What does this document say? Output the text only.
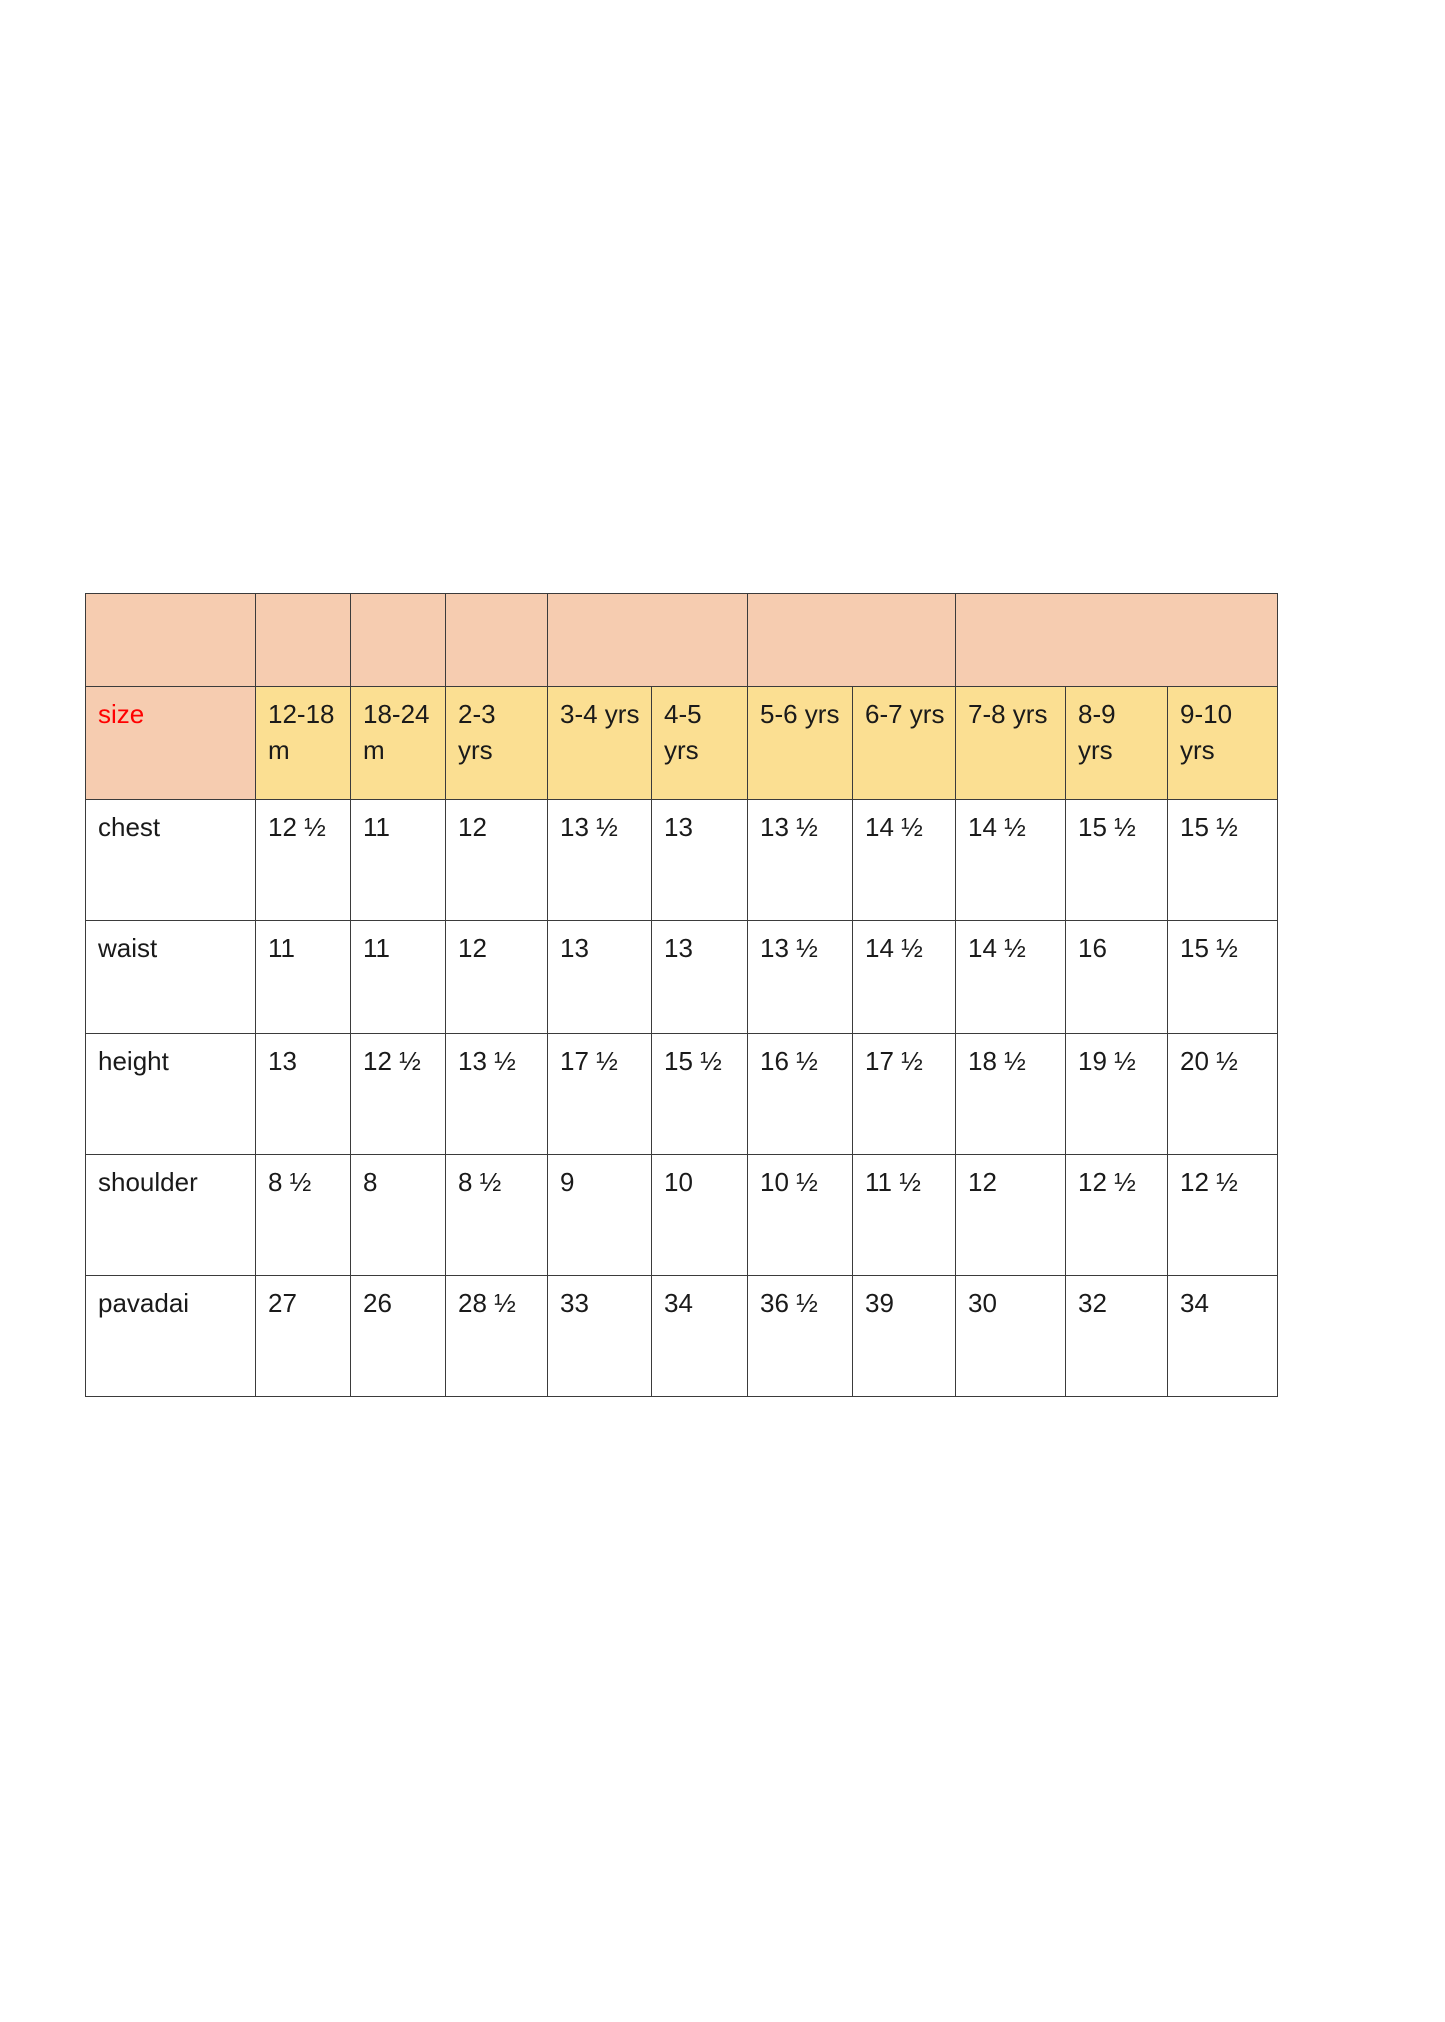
size	12-18 m	18-24 m	2-3 yrs	3-4 yrs	4-5 yrs	5-6 yrs	6-7 yrs	7-8 yrs	8-9 yrs	9-10 yrs
chest	12 ½	11	12	13 ½	13	13 ½	14 ½	14 ½	15 ½	15 ½
waist	11	11	12	13	13	13 ½	14 ½	14 ½	16	15 ½
height	13	12 ½	13 ½	17 ½	15 ½	16 ½	17 ½	18 ½	19 ½	20 ½
shoulder	8 ½	8	8 ½	9	10	10 ½	11 ½	12	12 ½	12 ½
pavadai	27	26	28 ½	33	34	36 ½	39	30	32	34
